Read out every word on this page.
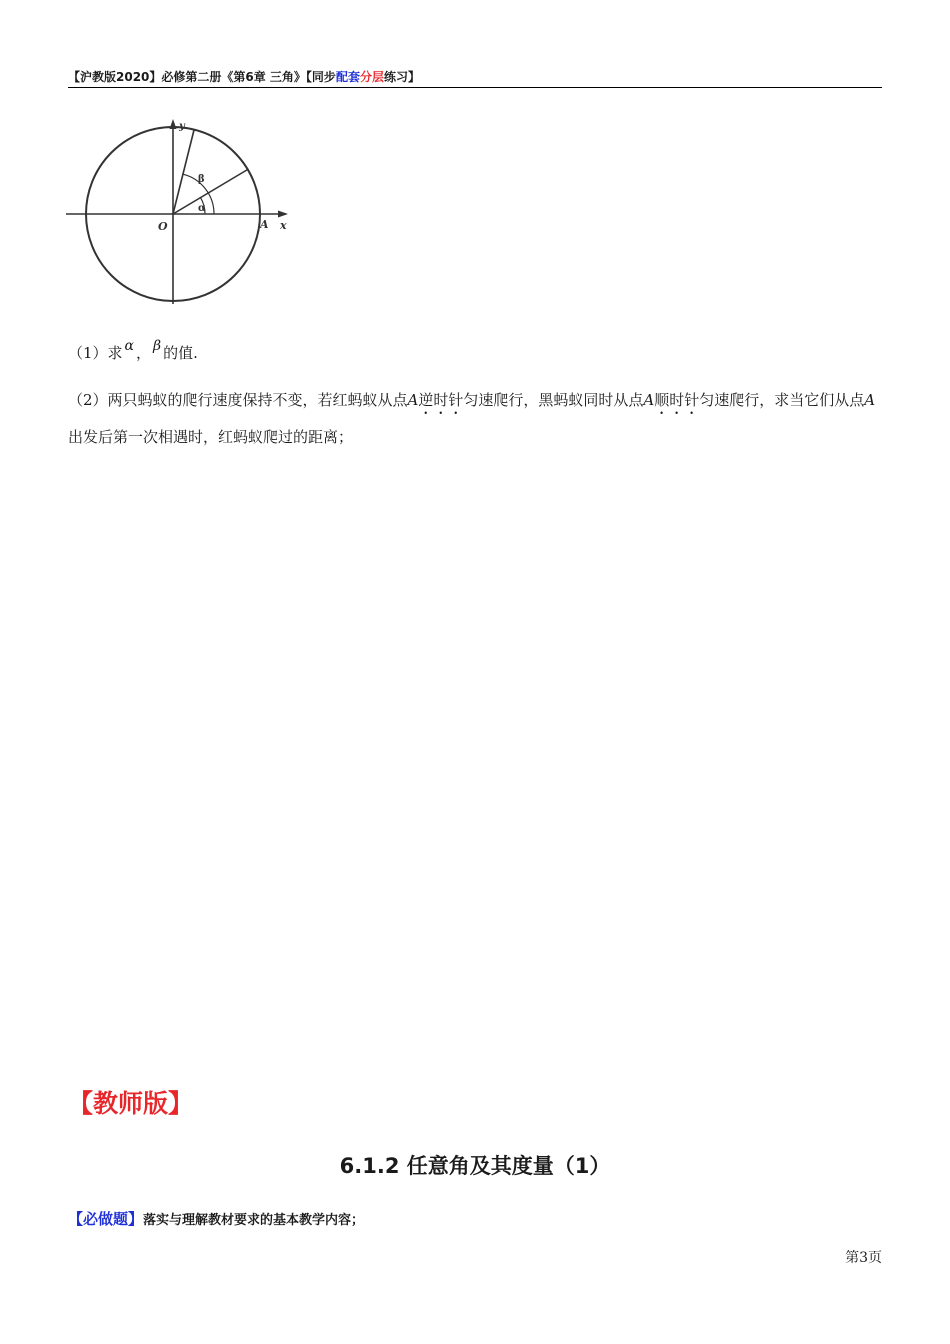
【沪教版2020】必修第二册《第6章 三角》【同步配套分层练习】
y
x
O	A
α
β
（1）求 α ， β 的值.
（2）两只蚂蚁的爬行速度保持不变，若红蚂蚁从点A逆时针匀速爬行，黑蚂蚁同时从点A顺时针匀速爬行，求当它们从点A出发后第一次相遇时，红蚂蚁爬过的距离；
【教师版】
6.1.2 任意角及其度量（1）
【必做题】落实与理解教材要求的基本教学内容；
第3页
